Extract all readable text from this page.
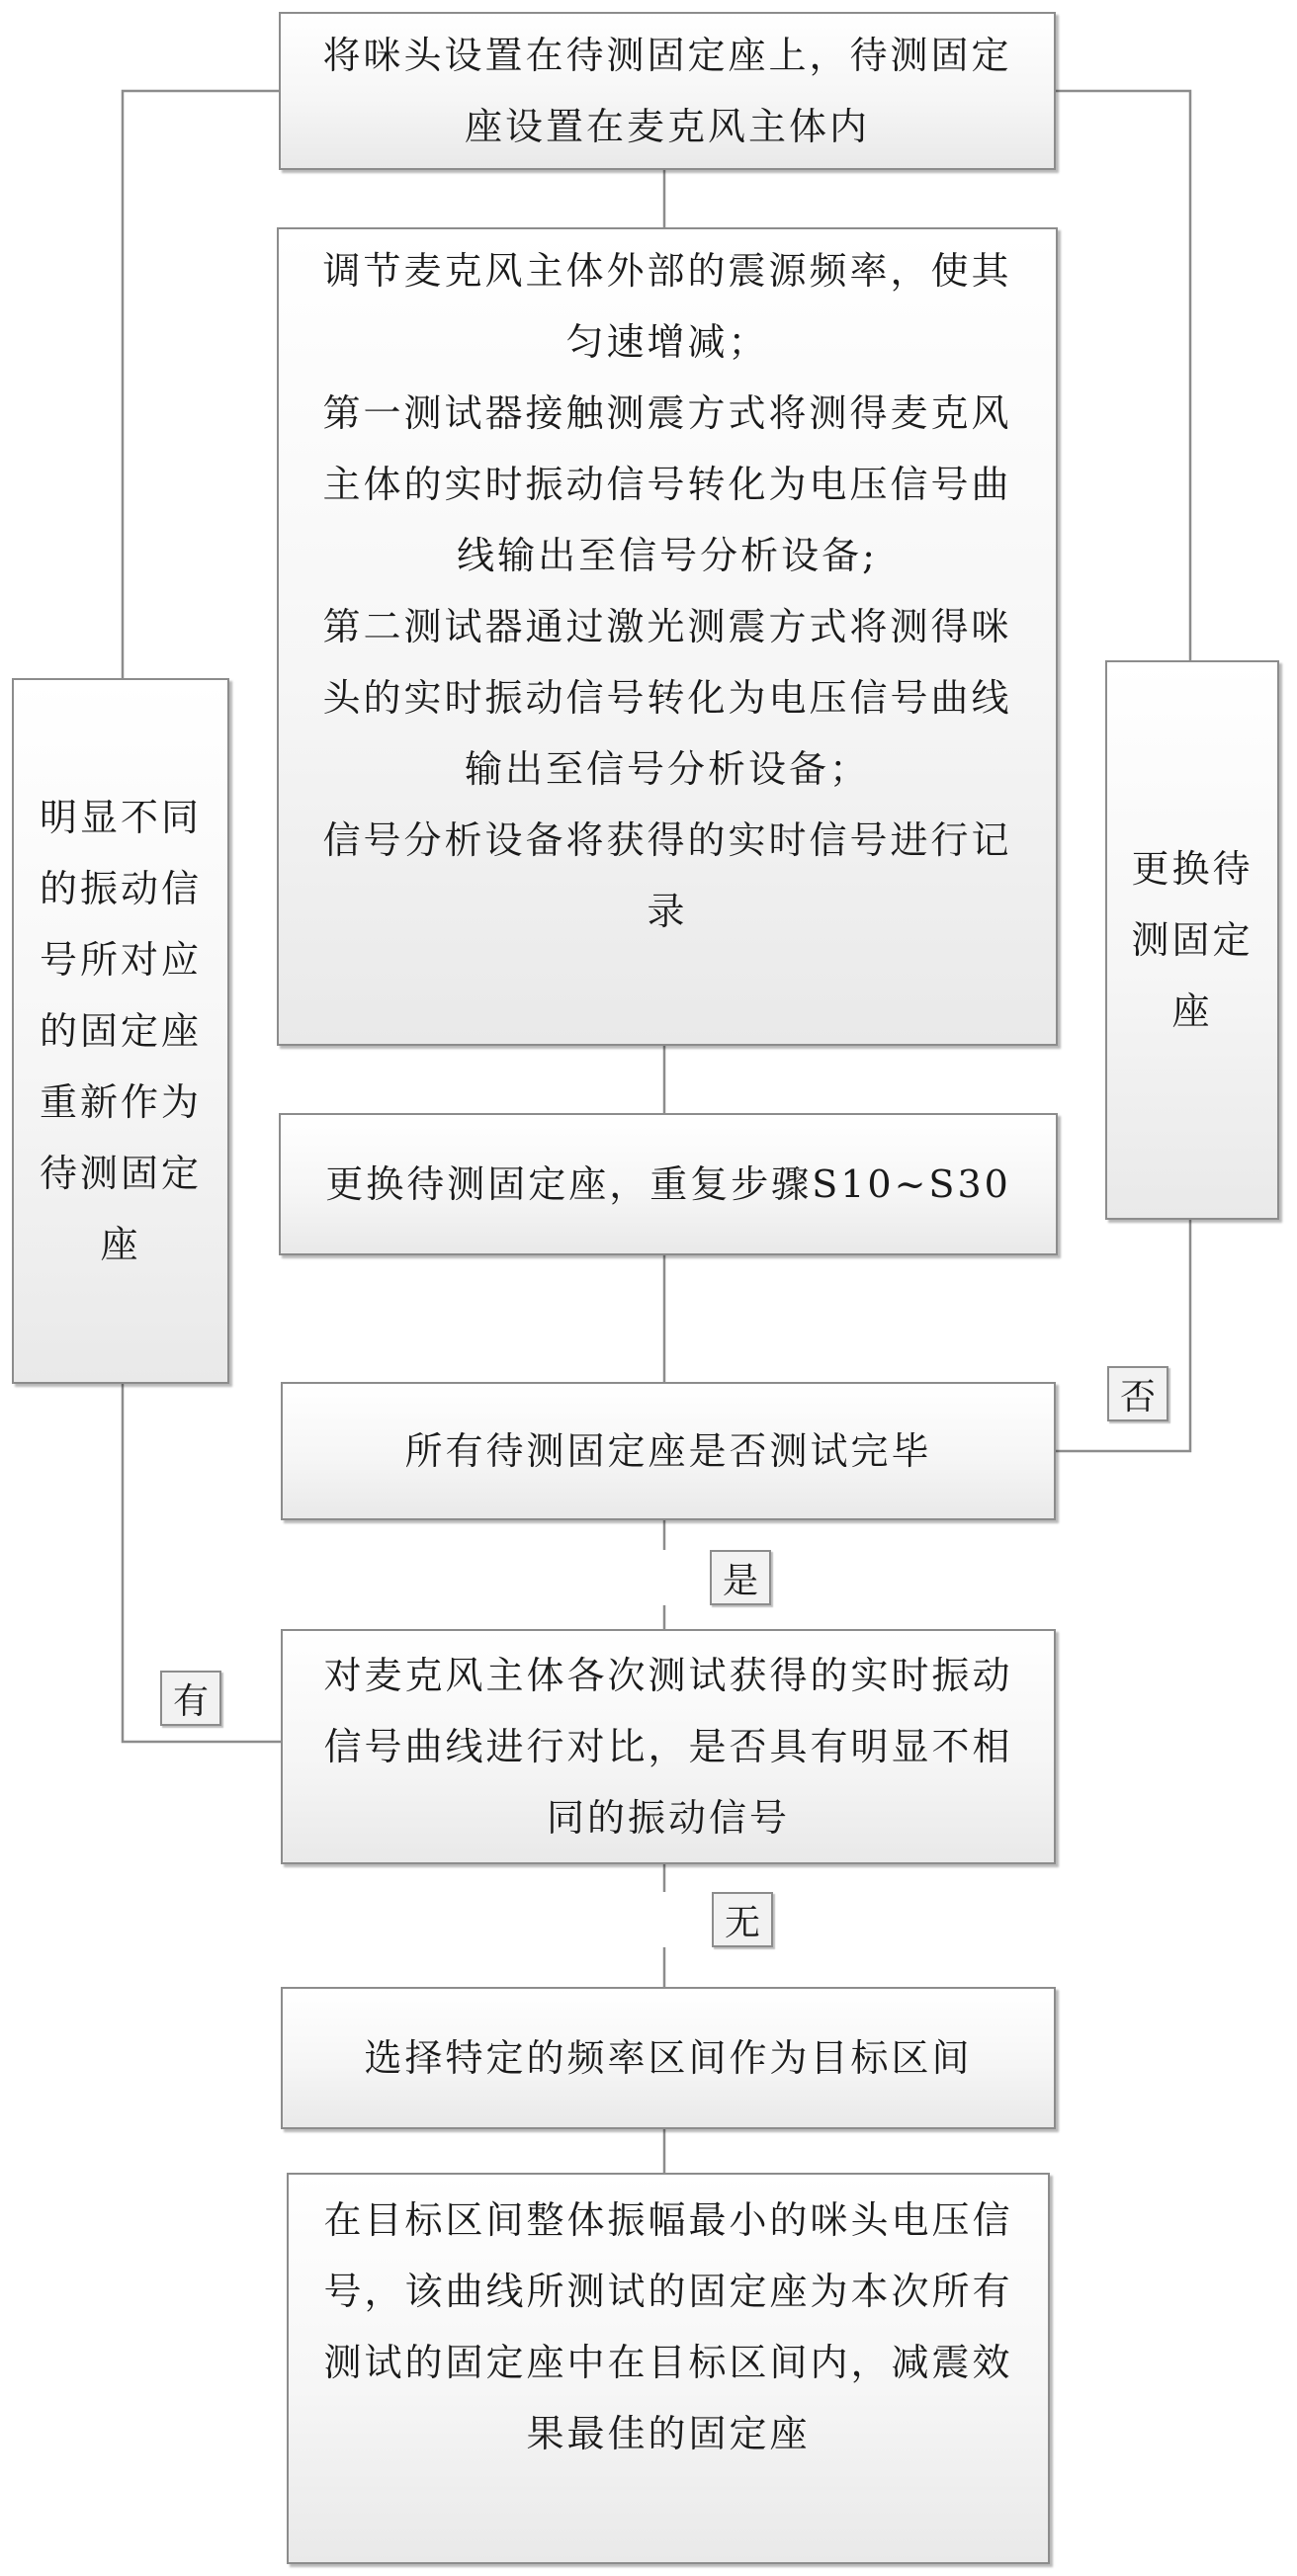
将咪头设置在待测固定座上，待测固定
座设置在麦克风主体内
调节麦克风主体外部的震源频率，使其
匀速增减；
第一测试器接触测震方式将测得麦克风
主体的实时振动信号转化为电压信号曲
线输出至信号分析设备;
第二测试器通过激光测震方式将测得咪
头的实时振动信号转化为电压信号曲线
输出至信号分析设备；
信号分析设备将获得的实时信号进行记
录
更换待测固定座，重复步骤S10~S30
所有待测固定座是否测试完毕
对麦克风主体各次测试获得的实时振动
信号曲线进行对比，是否具有明显不相
同的振动信号
选择特定的频率区间作为目标区间
在目标区间整体振幅最小的咪头电压信
号，该曲线所测试的固定座为本次所有
测试的固定座中在目标区间内，减震效
果最佳的固定座
明显不同
的振动信
号所对应
的固定座
重新作为
待测固定
座
更换待
测固定
座
否
是
有
无
